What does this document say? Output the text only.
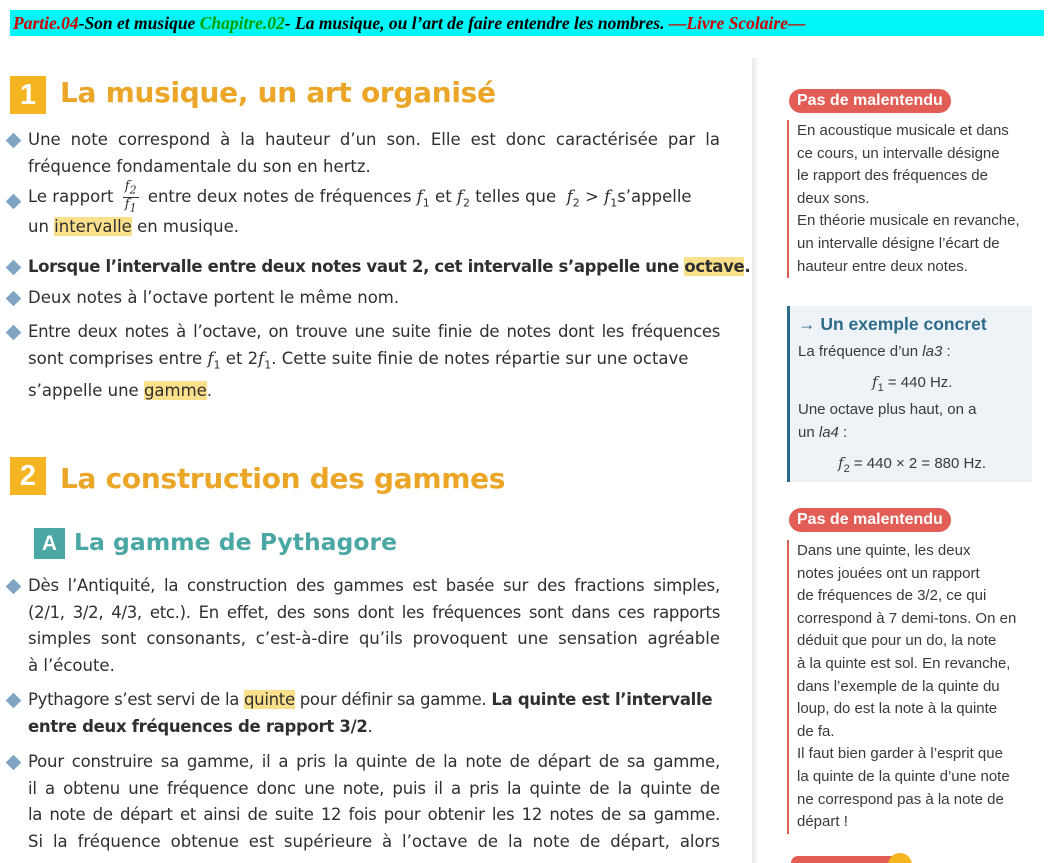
Partie.04-Son et musique Chapitre.02- La musique, ou l’art de faire entendre les nombres. —Livre Scolaire—
1 La musique, un art organisé
Une note correspond à la hauteur d’un son. Elle est donc caractérisée par la
fréquence fondamentale du son en hertz.
Le rapport $\frac{f_2}{f_1}$ entre deux notes de fréquences $f_1$ et $f_2$ telles que $f_2$ > $f_1s’appelle$
un intervalle en musique.
Lorsque l’intervalle entre deux notes vaut 2, cet intervalle s’appelle une octave.
Deux notes à l’octave portent le même nom.
Entre deux notes à l’octave, on trouve une suite finie de notes dont les fréquences
sont comprises entre $f_1$ et $2f_1$. Cette suite finie de notes répartie sur une octave
s’appelle une gamme.
2 La construction des gammes
A La gamme de Pythagore
Dès l’Antiquité, la construction des gammes est basée sur des fractions simples,
(2/1, 3/2, 4/3, etc.). En effet, des sons dont les fréquences sont dans ces rapports
simples sont consonants, c’est-à-dire qu’ils provoquent une sensation agréable
à l’écoute.
Pythagore s’est servi de la quinte pour définir sa gamme. La quinte est l’intervalle
entre deux fréquences de rapport 3/2.
Pour construire sa gamme, il a pris la quinte de la note de départ de sa gamme,
il a obtenu une fréquence donc une note, puis il a pris la quinte de la quinte de
la note de départ et ainsi de suite 12 fois pour obtenir les 12 notes de sa gamme.
Si la fréquence obtenue est supérieure à l’octave de la note de départ, alors
Pas de malentendu
En acoustique musicale et dans
ce cours, un intervalle désigne
le rapport des fréquences de
deux sons.
En théorie musicale en revanche,
un intervalle désigne l’écart de
hauteur entre deux notes.
→ Un exemple concret
La fréquence d’un la3 :
$f_1 = 440$ Hz.
Une octave plus haut, on a
un la4 :
$f_2 = 440 \times 2 = 880$ Hz.
Pas de malentendu
Dans une quinte, les deux
notes jouées ont un rapport
de fréquences de 3/2, ce qui
correspond à 7 demi-tons. On en
déduit que pour un do, la note
à la quinte est sol. En revanche,
dans l’exemple de la quinte du
loup, do est la note à la quinte
de fa.
Il faut bien garder à l’esprit que
la quinte de la quinte d’une note
ne correspond pas à la note de
départ !
